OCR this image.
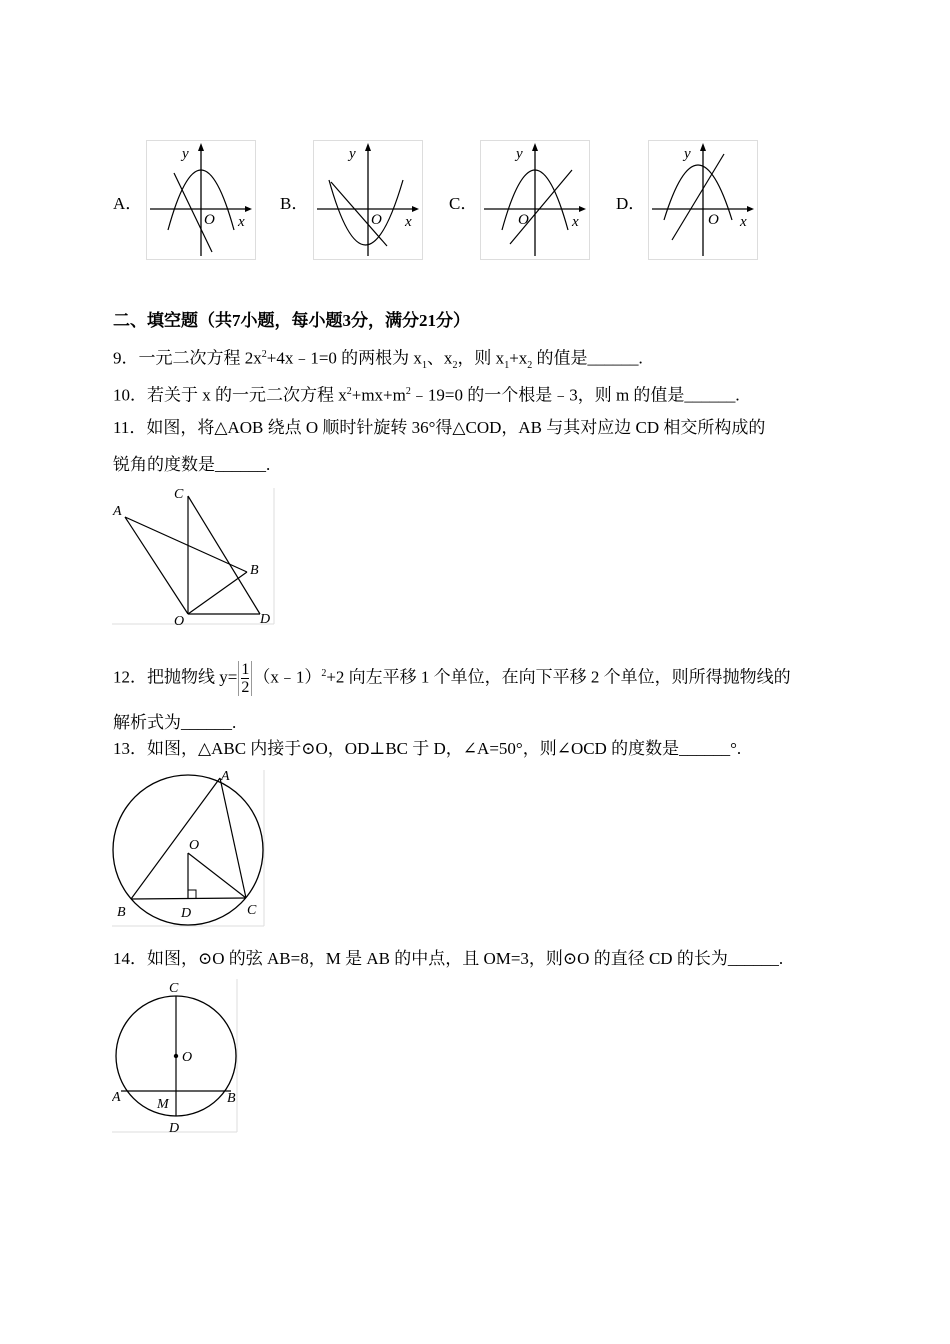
A．
y
x
O
B．
y
x
O
C．
y
x
O
D．
y
x
O
二、填空题（共7小题，每小题3分，满分21分）
9．一元二次方程 $2x^2+4x﹣1=0$ 的两根为 $x_1$、$x_2$，则 $x_1+x_2$ 的值是______.
10．若关于 x 的一元二次方程 $x^2+mx+m^2﹣19=0$ 的一个根是﹣3，则 m 的值是______.
11．如图，将△AOB 绕点 O 顺时针旋转 36°得△COD，AB 与其对应边 CD 相交所构成的
锐角的度数是______.
A
C
B
O	D
12．把抛物线 $y= \frac{1}{2}$ （x﹣1）$^2$+2 向左平移 1 个单位，在向下平移 2 个单位，则所得抛物线的
解析式为______.
13．如图，△ABC 内接于⊙O，OD⊥BC 于 D，∠A=50°，则∠OCD 的度数是______°.
A
O
B	D	C
14．如图，⊙O 的弦 AB=8，M 是 AB 的中点，且 OM=3，则⊙O 的直径 CD 的长为______.
C
O
A	M	B
D
